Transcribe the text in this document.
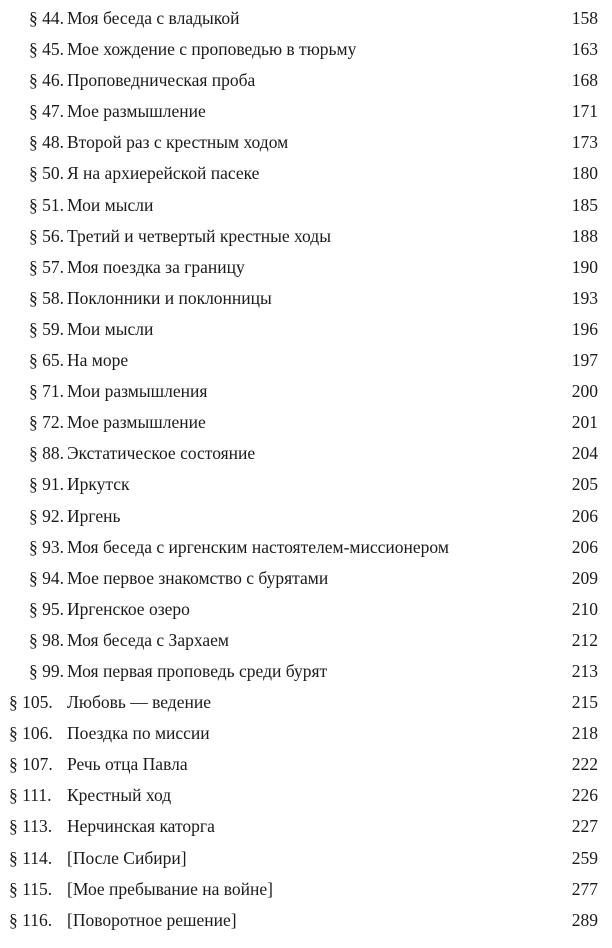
§ 44. Моя беседа с владыкой	158
§ 45. Мое хождение с проповедью в тюрьму	163
§ 46. Проповедническая проба	168
§ 47. Мое размышление	171
§ 48. Второй раз с крестным ходом	173
§ 50. Я на архиерейской пасеке	180
§ 51. Мои мысли	185
§ 56. Третий и четвертый крестные ходы	188
§ 57. Моя поездка за границу	190
§ 58. Поклонники и поклонницы	193
§ 59. Мои мысли	196
§ 65. На море	197
§ 71. Мои размышления	200
§ 72. Мое размышление	201
§ 88. Экстатическое состояние	204
§ 91. Иркутск	205
§ 92. Иргень	206
§ 93. Моя беседа с иргенским настоятелем-миссионером	206
§ 94. Мое первое знакомство с бурятами	209
§ 95. Иргенское озеро	210
§ 98. Моя беседа с Зархаем	212
§ 99. Моя первая проповедь среди бурят	213
§ 105. Любовь — ведение	215
§ 106. Поездка по миссии	218
§ 107. Речь отца Павла	222
§ 111. Крестный ход	226
§ 113. Нерчинская каторга	227
§ 114. [После Сибири]	259
§ 115. [Мое пребывание на войне]	277
§ 116. [Поворотное решение]	289
